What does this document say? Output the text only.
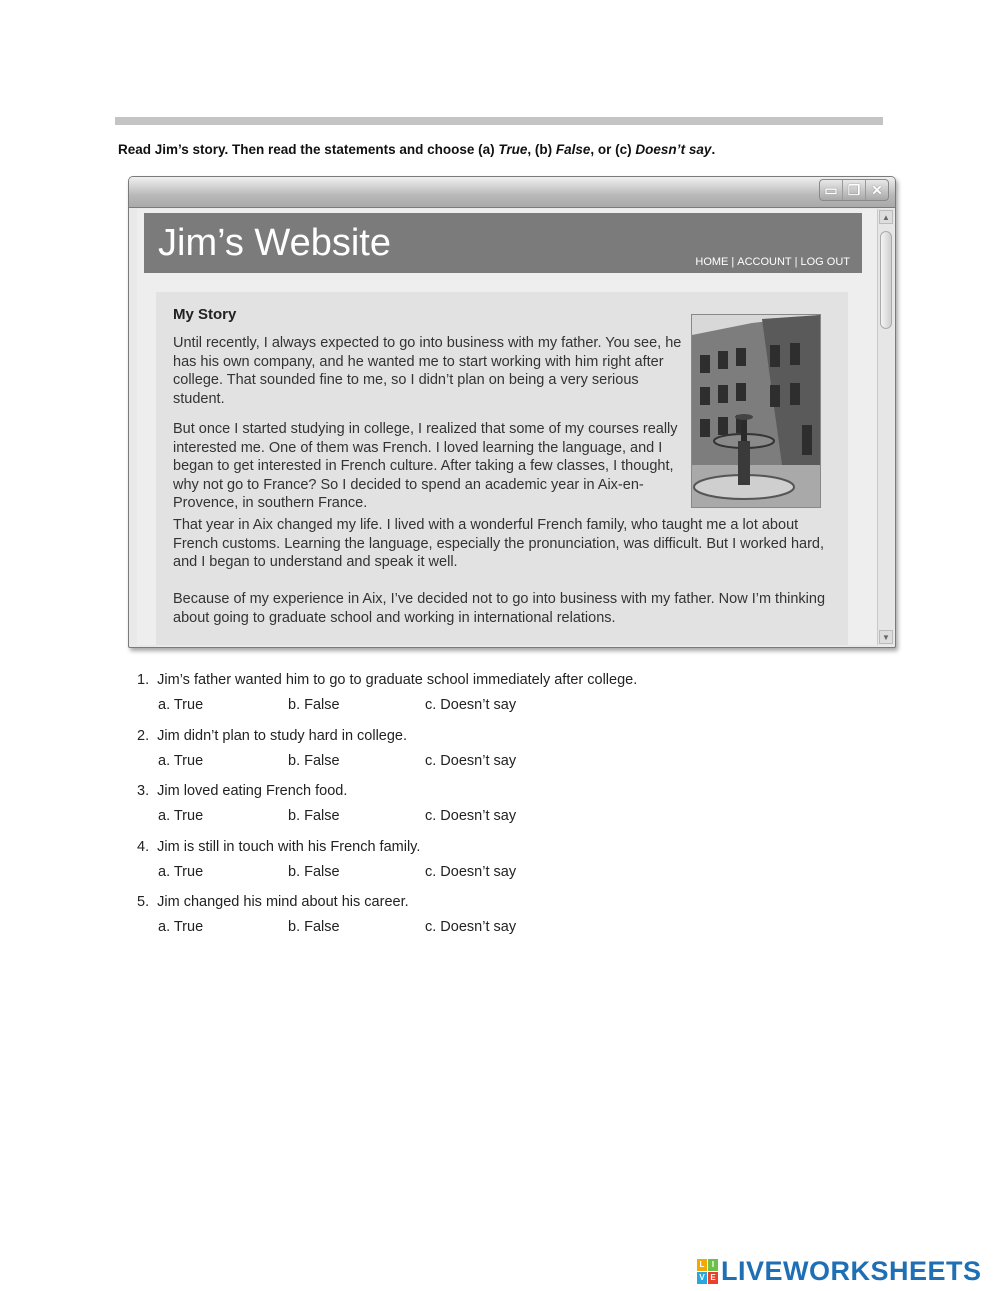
Read Jim’s story. Then read the statements and choose (a) True, (b) False, or (c) Doesn’t say.
▭ ❐ ✕
Jim’s Website	HOME | ACCOUNT | LOG OUT
My Story
Until recently, I always expected to go into business with my father. You see, he has his own company, and he wanted me to start working with him right after college. That sounded fine to me, so I didn’t plan on being a very serious student.
But once I started studying in college, I realized that some of my courses really interested me. One of them was French. I loved learning the language, and I began to get interested in French culture. After taking a few classes, I thought, why not go to France? So I decided to spend an academic year in Aix-en-Provence, in southern France.
That year in Aix changed my life. I lived with a wonderful French family, who taught me a lot about French customs. Learning the language, especially the pronunciation, was difficult. But I worked hard, and I began to understand and speak it well.
Because of my experience in Aix, I’ve decided not to go into business with my father. Now I’m thinking about going to graduate school and working in international relations.
▲
▼
1. Jim’s father wanted him to go to graduate school immediately after college.
a. True	b. False	c. Doesn’t say
2. Jim didn’t plan to study hard in college.
a. True	b. False	c. Doesn’t say
3. Jim loved eating French food.
a. True	b. False	c. Doesn’t say
4. Jim is still in touch with his French family.
a. True	b. False	c. Doesn’t say
5. Jim changed his mind about his career.
a. True	b. False	c. Doesn’t say
L I
V E LIVEWORKSHEETS
